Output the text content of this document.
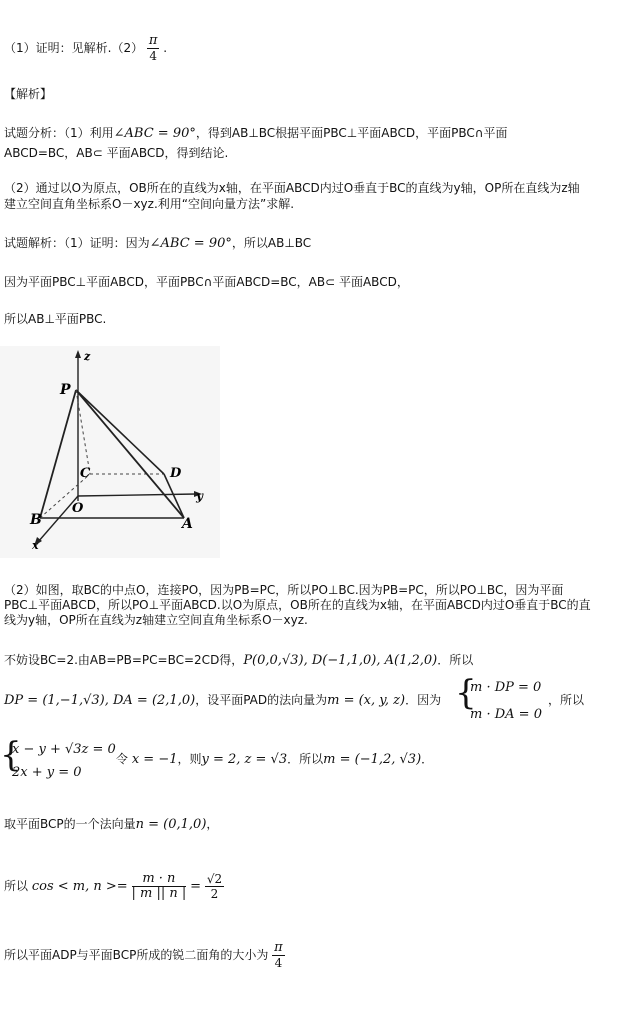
（1）证明：见解析$.(2) \frac{\pi}{4}$ .
【解析】
试题分析：（1）利用∠ABC = 90°，得到AB⊥BC根据平面PBC⊥平面ABCD，平面PBC∩平面
ABCD=BC，AB⊂ 平面ABCD，得到结论.
（2）通过以O为原点，OB所在的直线为x轴，在平面ABCD内过O垂直于BC的直线为y轴，OP所在直线为z轴
建立空间直角坐标系O－xyz.利用“空间向量方法”求解.
试题解析：（1）证明：因为∠ABC = 90°，所以AB⊥BC
因为平面PBC⊥平面ABCD，平面PBC∩平面ABCD=BC，AB⊂ 平面ABCD，
所以AB⊥平面PBC.
z
P
C	D
y
O
B	A
x
（2）如图，取BC的中点O，连接PO，因为PB=PC，所以PO⊥BC.因为PB=PC，所以PO⊥BC，因为平面
PBC⊥平面ABCD，所以PO⊥平面ABCD.以O为原点，OB所在的直线为x轴，在平面ABCD内过O垂直于BC的直
线为y轴，OP所在直线为z轴建立空间直角坐标系O－xyz.
不妨设BC=2.由AB=PB=PC=BC=2CD得，P(0,0,√3), D(−1,1,0), A(1,2,0)．所以
DP = (1,−1,√3), DA = (2,1,0)，设平面PAD的法向量为m = (x, y, z)．因为 {
m · DP = 0
m · DA = 0
，所以
{
x − y + √3z = 0
2x + y = 0
令 x = −1，则y = 2, z = √3．所以m = (−1,2, √3)．
取平面BCP的一个法向量n = (0,1,0)，
所以 cos < m, $n >= \frac{m \cdot n}{| m || n |} = \frac{√2}{2}$
所以平面ADP与平面BCP所成的锐二面角的大小为 $\frac{\pi}{4}$
